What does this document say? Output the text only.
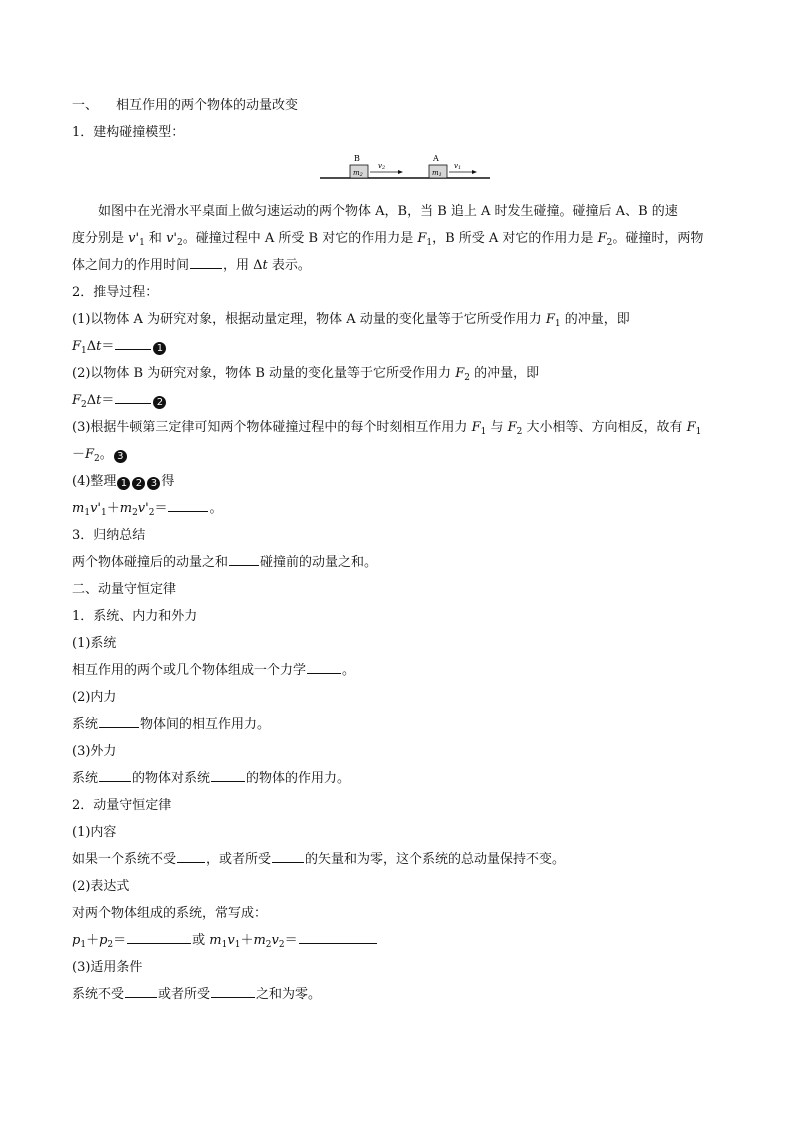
一、 相互作用的两个物体的动量改变
1．建构碰撞模型：
B
m2
v2
A
m1
v1
如图中在光滑水平桌面上做匀速运动的两个物体 A，B，当 B 追上 A 时发生碰撞。碰撞后 A、B 的速
度分别是 $v'_1$ 和 $v'_2$。碰撞过程中 A 所受 B 对它的作用力是 $F_1$，B 所受 A 对它的作用力是 $F_2$。碰撞时，两物
体之间力的作用时间	，用 Δt 表示。
2．推导过程：
(1)以物体 A 为研究对象，根据动量定理，物体 A 动量的变化量等于它所受作用力 $F_1$ 的冲量，即
$F_1\Delta t=$	1
(2)以物体 B 为研究对象，物体 B 动量的变化量等于它所受作用力 $F_2$ 的冲量，即
$F_2\Delta t=$	2
(3)根据牛顿第三定律可知两个物体碰撞过程中的每个时刻相互作用力 $F_1$ 与 $F_2$ 大小相等、方向相反，故有 $F_1$
$-F_2$。 3
(4)整理 1 2 3 得
$m_1v'_1+m_2v'_2=$	。
3．归纳总结
两个物体碰撞后的动量之和 碰撞前的动量之和。
二、动量守恒定律
1．系统、内力和外力
(1)系统
相互作用的两个或几个物体组成一个力学	。
(2)内力
系统	物体间的相互作用力。
(3)外力
系统	的物体对系统	的物体的作用力。
2．动量守恒定律
(1)内容
如果一个系统不受 ，或者所受	的矢量和为零，这个系统的总动量保持不变。
(2)表达式
对两个物体组成的系统，常写成：
$p_1+p_2=$	或 $m_1v_1+m_2v_2=$
(3)适用条件
系统不受	或者所受	之和为零。
